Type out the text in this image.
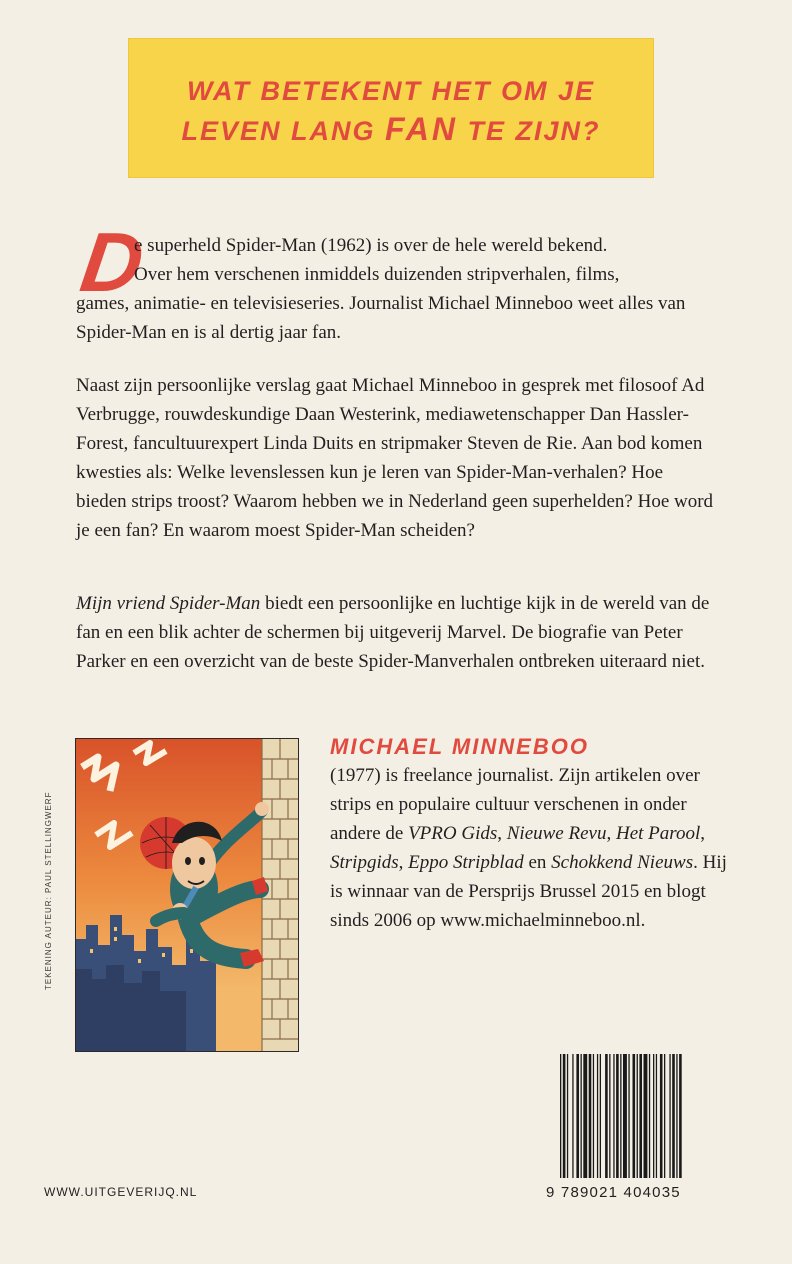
WAT BETEKENT HET OM JE
LEVEN LANG FAN TE ZIJN?
D
e superheld Spider-Man (1962) is over de hele wereld bekend.
Over hem verschenen inmiddels duizenden stripverhalen, films,
games, animatie- en televisieseries. Journalist Michael Minneboo weet alles van Spider-Man en is al dertig jaar fan.
Naast zijn persoonlijke verslag gaat Michael Minneboo in gesprek met filosoof Ad Verbrugge, rouwdeskundige Daan Westerink, mediawetenschapper Dan Hassler-Forest, fancultuurexpert Linda Duits en stripmaker Steven de Rie. Aan bod komen kwesties als: Welke levenslessen kun je leren van Spider-Man-verhalen? Hoe bieden strips troost? Waarom hebben we in Nederland geen superhelden? Hoe word je een fan? En waarom moest Spider-Man scheiden?
Mijn vriend Spider-Man biedt een persoonlijke en luchtige kijk in de wereld van de fan en een blik achter de schermen bij uitgeverij Marvel. De biografie van Peter Parker en een overzicht van de beste Spider-Manverhalen ontbreken uiteraard niet.
TEKENING AUTEUR: PAUL STELLINGWERF
MICHAEL MINNEBOO
(1977) is freelance journalist. Zijn artikelen over strips en populaire cultuur verschenen in onder andere de VPRO Gids, Nieuwe Revu, Het Parool, Stripgids, Eppo Stripblad en Schokkend Nieuws. Hij is winnaar van de Persprijs Brussel 2015 en blogt sinds 2006 op www.michaelminneboo.nl.
WWW.UITGEVERIJQ.NL	9 789021 404035
